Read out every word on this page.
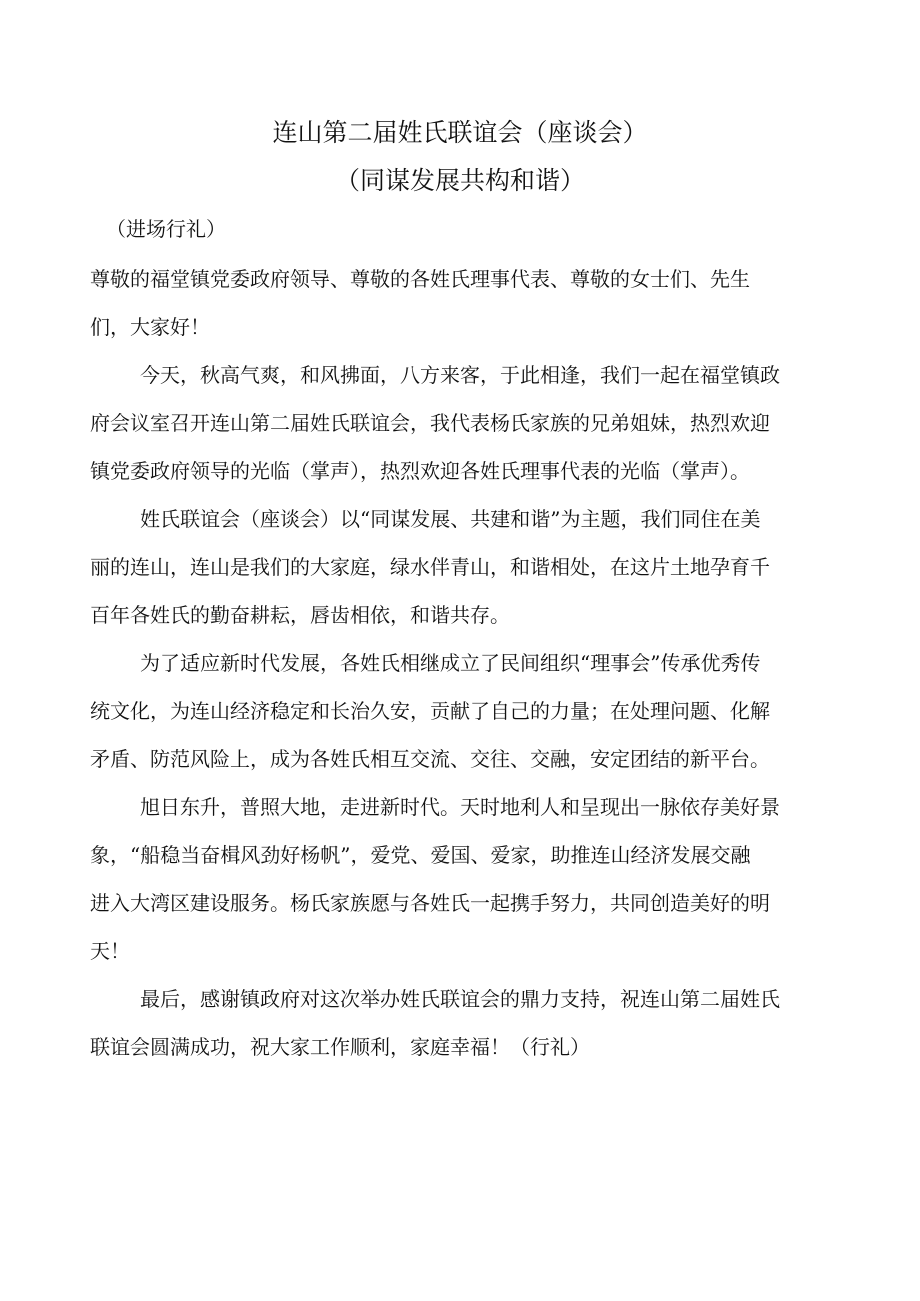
连山第二届姓氏联谊会（座谈会）
（同谋发展共构和谐）
（进场行礼）
尊敬的福堂镇党委政府领导、尊敬的各姓氏理事代表、尊敬的女士们、先生
们，大家好！
今天，秋高气爽，和风拂面，八方来客，于此相逢，我们一起在福堂镇政
府会议室召开连山第二届姓氏联谊会，我代表杨氏家族的兄弟姐妹，热烈欢迎
镇党委政府领导的光临（掌声），热烈欢迎各姓氏理事代表的光临（掌声）。
姓氏联谊会（座谈会）以“同谋发展、共建和谐”为主题，我们同住在美
丽的连山，连山是我们的大家庭，绿水伴青山，和谐相处，在这片土地孕育千
百年各姓氏的勤奋耕耘，唇齿相依，和谐共存。
为了适应新时代发展，各姓氏相继成立了民间组织“理事会”传承优秀传
统文化，为连山经济稳定和长治久安，贡献了自己的力量；在处理问题、化解
矛盾、防范风险上，成为各姓氏相互交流、交往、交融，安定团结的新平台。
旭日东升，普照大地，走进新时代。天时地利人和呈现出一脉依存美好景
象，“船稳当奋楫风劲好杨帆”，爱党、爱国、爱家，助推连山经济发展交融
进入大湾区建设服务。杨氏家族愿与各姓氏一起携手努力，共同创造美好的明
天！
最后，感谢镇政府对这次举办姓氏联谊会的鼎力支持，祝连山第二届姓氏
联谊会圆满成功，祝大家工作顺利，家庭幸福！（行礼）
